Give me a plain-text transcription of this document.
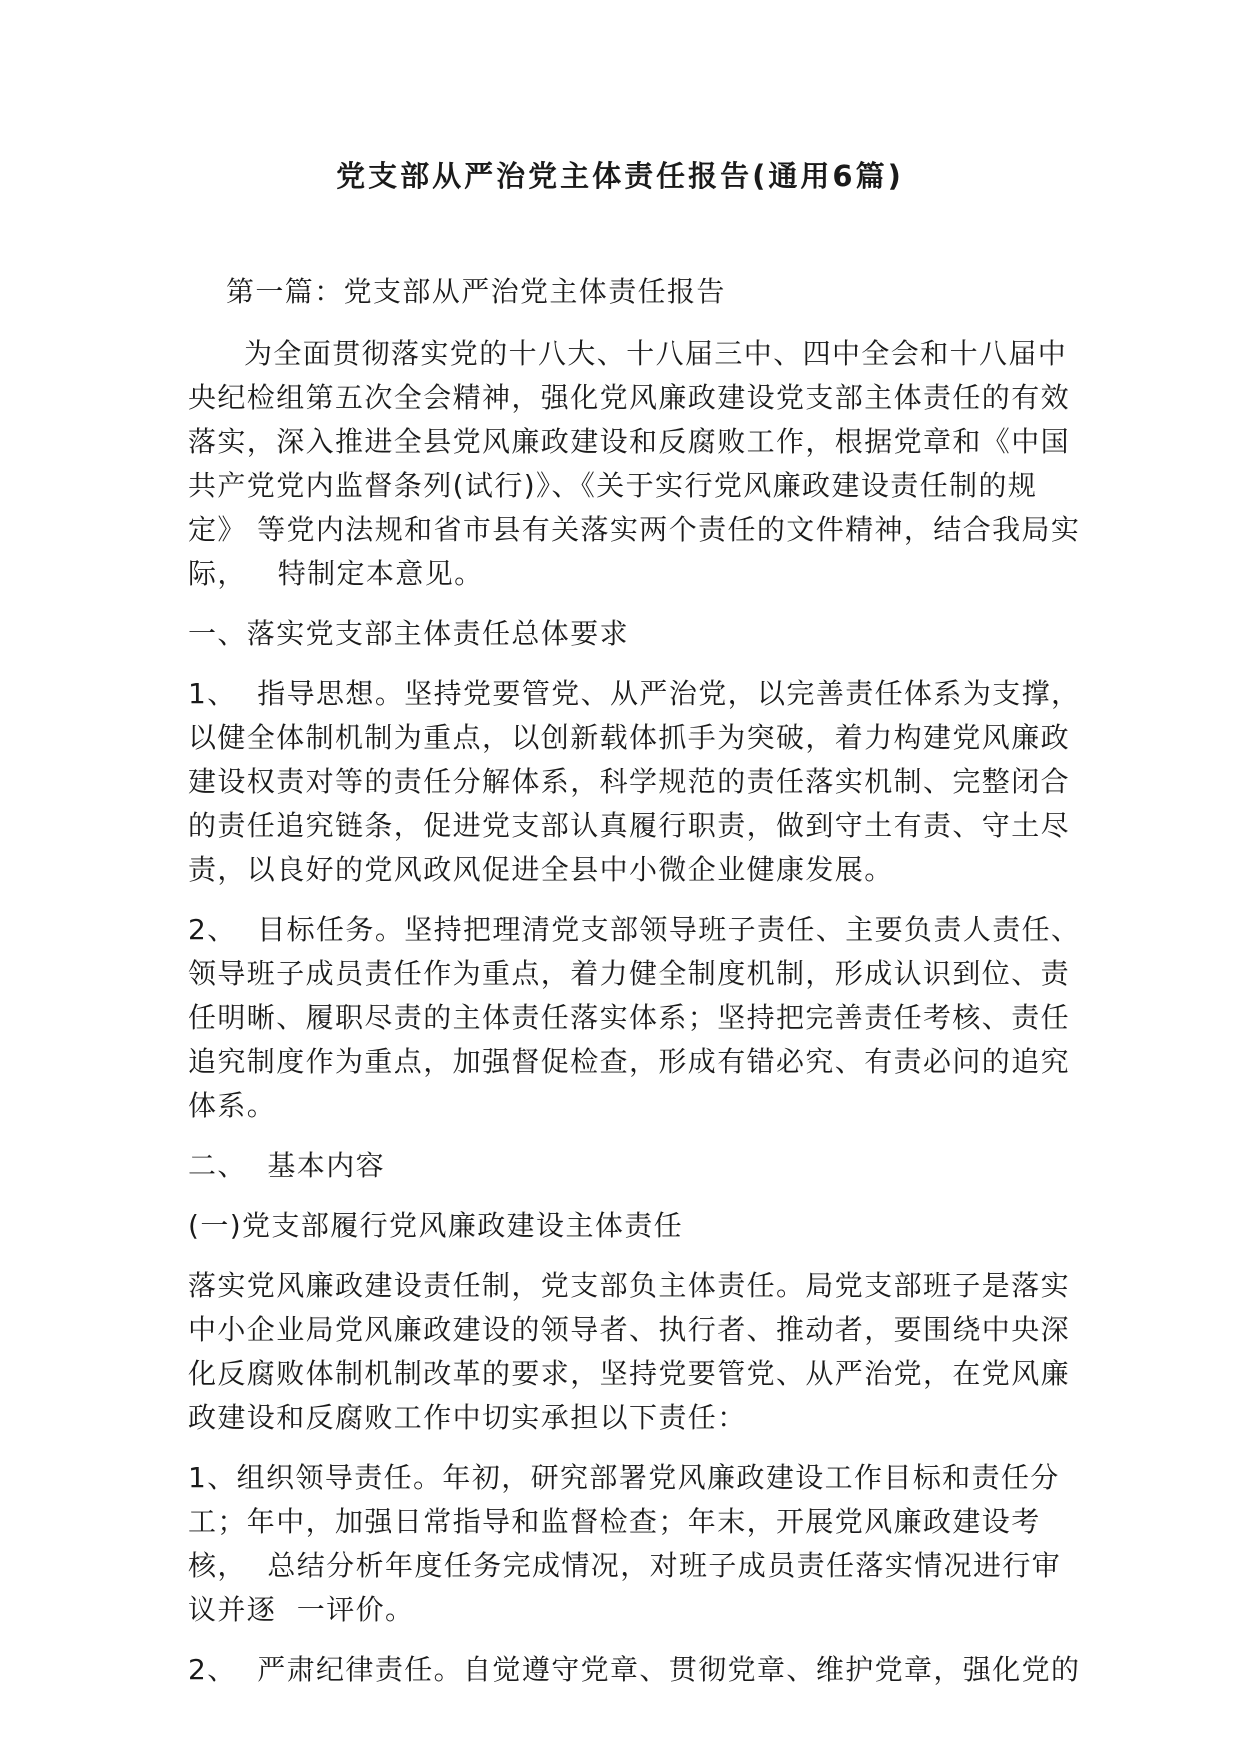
党支部从严治党主体责任报告(通用6篇)

第一篇：党支部从严治党主体责任报告

为全面贯彻落实党的十八大、十八届三中、四中全会和十八届中央纪检组第五次全会精神，强化党风廉政建设党支部主体责任的有效落实，深入推进全县党风廉政建设和反腐败工作，根据党章和《中国共产党党内监督条列(试行)》、《关于实行党风廉政建设责任制的规定》 等党内法规和省市县有关落实两个责任的文件精神，结合我局实际，   特制定本意见。

一、落实党支部主体责任总体要求

1、  指导思想。坚持党要管党、从严治党，以完善责任体系为支撑，  以健全体制机制为重点，以创新载体抓手为突破，着力构建党风廉政  建设权责对等的责任分解体系，科学规范的责任落实机制、完整闭合  的责任追究链条，促进党支部认真履行职责，做到守土有责、守土尽  责，以良好的党风政风促进全县中小微企业健康发展。

2、  目标任务。坚持把理清党支部领导班子责任、主要负责人责任、  领导班子成员责任作为重点，着力健全制度机制，形成认识到位、责  任明晰、履职尽责的主体责任落实体系；坚持把完善责任考核、责任  追究制度作为重点，加强督促检查，形成有错必究、有责必问的追究  体系。

二、  基本内容

(一)党支部履行党风廉政建设主体责任

落实党风廉政建设责任制，党支部负主体责任。局党支部班子是落实中小企业局党风廉政建设的领导者、执行者、推动者，要围绕中央深化反腐败体制机制改革的要求，坚持党要管党、从严治党，在党风廉政建设和反腐败工作中切实承担以下责任：

1、组织领导责任。年初，研究部署党风廉政建设工作目标和责任分工；年中，加强日常指导和监督检查；年末，开展党风廉政建设考核，  总结分析年度任务完成情况，对班子成员责任落实情况进行审议并逐  一评价。

2、  严肃纪律责任。自觉遵守党章、贯彻党章、维护党章，强化党的
